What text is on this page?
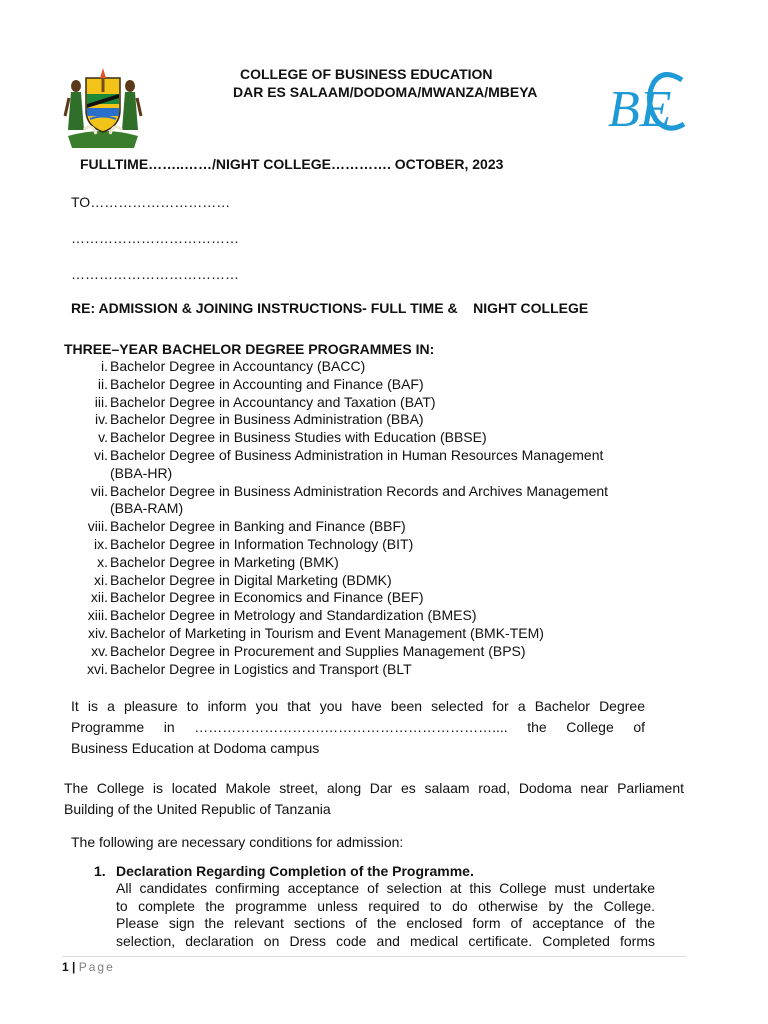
COLLEGE OF BUSINESS EDUCATION
DAR ES SALAAM/DODOMA/MWANZA/MBEYA BE
C
FULLTIME……..……/NIGHT COLLEGE…………. OCTOBER, 2023
TO…………………………
………………………………
………………………………
RE: ADMISSION & JOINING INSTRUCTIONS- FULL TIME &    NIGHT COLLEGE
THREE–YEAR BACHELOR DEGREE PROGRAMMES IN:
i. Bachelor Degree in Accountancy (BACC)
ii. Bachelor Degree in Accounting and Finance (BAF)
iii. Bachelor Degree in Accountancy and Taxation (BAT)
iv. Bachelor Degree in Business Administration (BBA)
v. Bachelor Degree in Business Studies with Education (BBSE)
vi. Bachelor Degree of Business Administration in Human Resources Management
(BBA-HR)
vii. Bachelor Degree in Business Administration Records and Archives Management
(BBA-RAM)
viii. Bachelor Degree in Banking and Finance (BBF)
ix. Bachelor Degree in Information Technology (BIT)
x. Bachelor Degree in Marketing (BMK)
xi. Bachelor Degree in Digital Marketing (BDMK)
xii. Bachelor Degree in Economics and Finance (BEF)
xiii. Bachelor Degree in Metrology and Standardization (BMES)
xiv. Bachelor of Marketing in Tourism and Event Management (BMK-TEM)
xv. Bachelor Degree in Procurement and Supplies Management (BPS)
xvi. Bachelor Degree in Logistics and Transport (BLT
It is a pleasure to inform you that you have been selected for a Bachelor Degree
Programme in ……………………….……………………………….... the College of
Business Education at Dodoma campus
The College is located Makole street, along Dar es salaam road, Dodoma near Parliament
Building of the United Republic of Tanzania
The following are necessary conditions for admission:
1. Declaration Regarding Completion of the Programme.
All candidates confirming acceptance of selection at this College must undertake
to complete the programme unless required to do otherwise by the College.
Please sign the relevant sections of the enclosed form of acceptance of the
selection, declaration on Dress code and medical certificate. Completed forms
1 | Page
